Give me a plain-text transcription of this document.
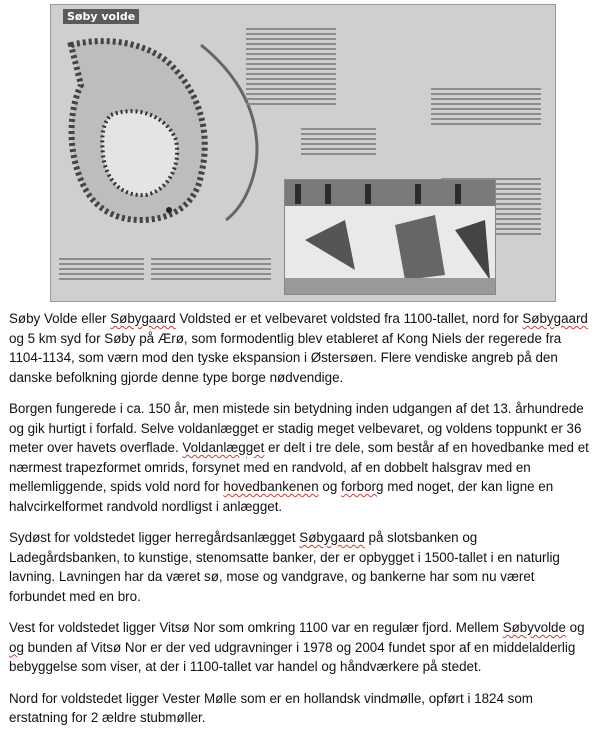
Søby volde

Søby Volde eller Søbygaard Voldsted er et velbevaret voldsted fra 1100-tallet, nord for Søbygaard og 5 km syd for Søby på Ærø, som formodentlig blev etableret af Kong Niels der regerede fra 1104-1134, som værn mod den tyske ekspansion i Østersøen. Flere vendiske angreb på den danske befolkning gjorde denne type borge nødvendige.

Borgen fungerede i ca. 150 år, men mistede sin betydning inden udgangen af det 13. århundrede og gik hurtigt i forfald. Selve voldanlægget er stadig meget velbevaret, og voldens toppunkt er 36 meter over havets overflade. Voldanlægget er delt i tre dele, som består af en hovedbanke med et nærmest trapezformet omrids, forsynet med en randvold, af en dobbelt halsgrav med en mellemliggende, spids vold nord for hovedbankenen og forborg med noget, der kan ligne en halvcirkelformet randvold nordligst i anlægget.

Sydøst for voldstedet ligger herregårdsanlægget Søbygaard på slotsbanken og Ladegårdsbanken, to kunstige, stenomsatte banker, der er opbygget i 1500-tallet i en naturlig lavning. Lavningen har da været sø, mose og vandgrave, og bankerne har som nu været forbundet med en bro.

Vest for voldstedet ligger Vitsø Nor som omkring 1100 var en regulær fjord. Mellem Søbyvolde og og bunden af Vitsø Nor er der ved udgravninger i 1978 og 2004 fundet spor af en middelalderlig bebyggelse som viser, at der i 1100-tallet var handel og håndværkere på stedet.

Nord for voldstedet ligger Vester Mølle som er en hollandsk vindmølle, opført i 1824 som erstatning for 2 ældre stubmøller.
